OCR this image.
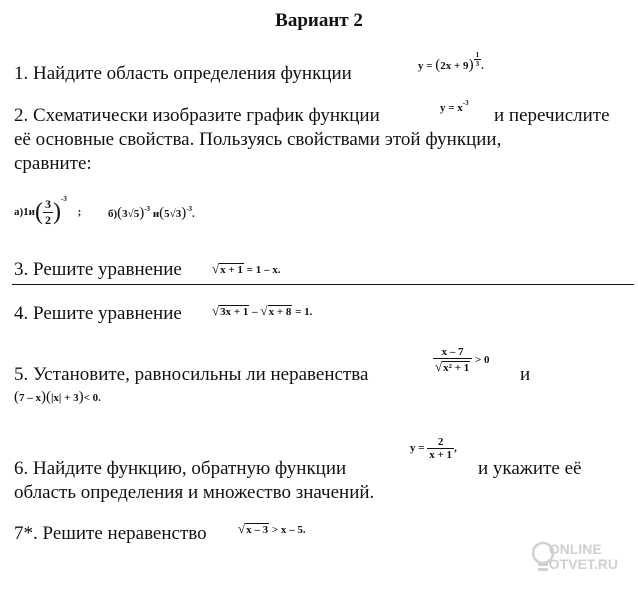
Вариант 2
1. Найдите область определения функции	$y = (2x + 9) \frac{1}{3}$ .
2. Схематически изобразите график функции	$y = x^{-3}$
и перечислите
её основные свойства. Пользуясь свойствами этой функции,
сравните:
$а)1и( \frac{3}{2} )^{-3}$ ; $б)(3√5)^{-3}$ $и(5√3)^{-3}$.
3. Решите уравнение √x + 1 = 1 – x.
4. Решите уравнение √3x + 1 – √x + 8 = 1.
5. Установите, равносильны ли неравенства	$\frac{x - 7}{\text{√x² + 1}} > 0$
и
(7 – x)(|x| + 3)< 0.
6. Найдите функцию, обратную функции
$y = \frac{2}{x + 1}$ ,
и укажите её
область определения и множество значений.
7*. Решите неравенство √x – 3 > x – 5.
ONLINE
OTVET.RU
